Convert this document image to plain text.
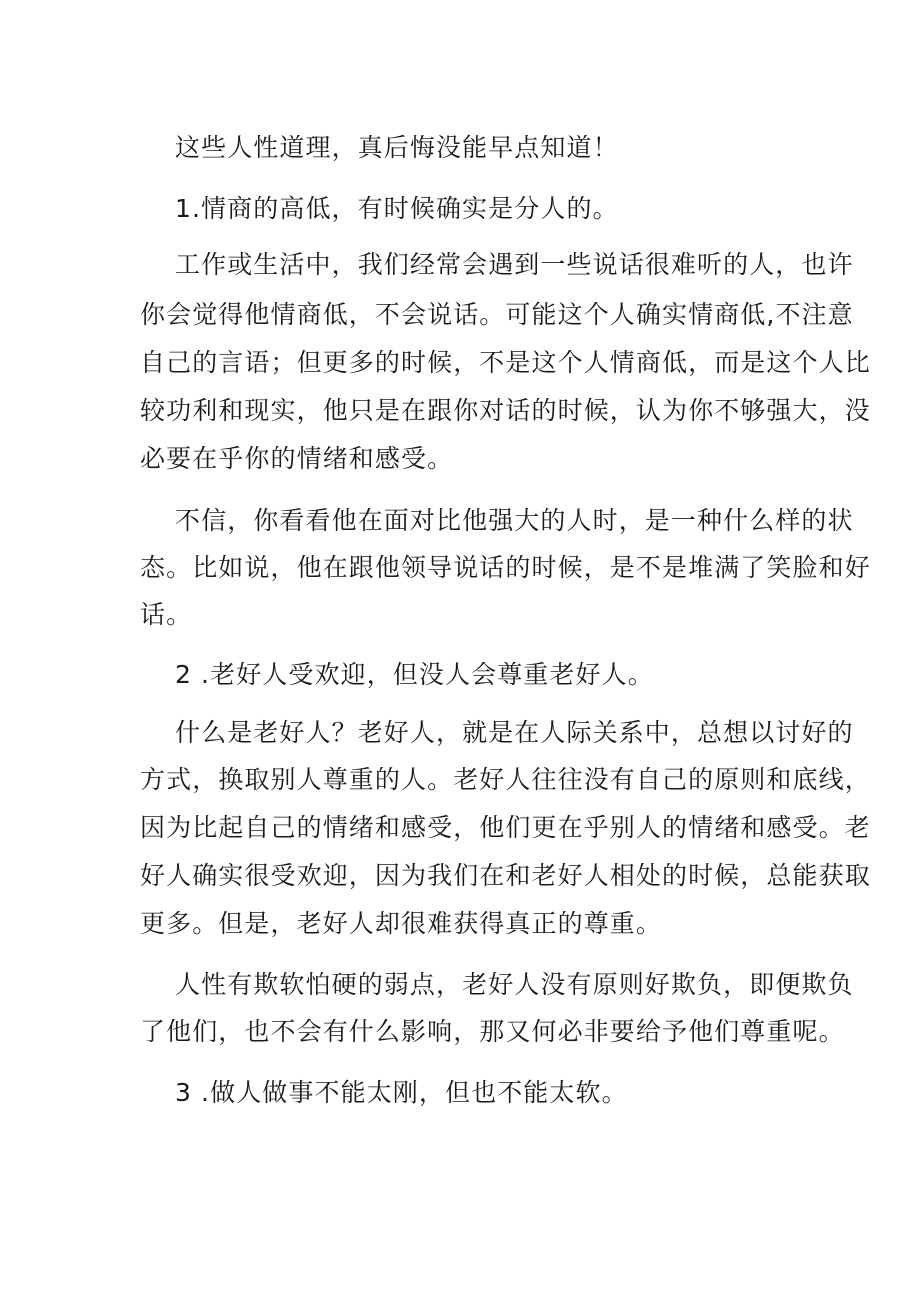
这些人性道理，真后悔没能早点知道！

1.情商的高低，有时候确实是分人的。

工作或生活中，我们经常会遇到一些说话很难听的人，也许

你会觉得他情商低，不会说话。可能这个人确实情商低,不注意

自己的言语；但更多的时候，不是这个人情商低，而是这个人比

较功利和现实，他只是在跟你对话的时候，认为你不够强大，没

必要在乎你的情绪和感受。

不信，你看看他在面对比他强大的人时，是一种什么样的状

态。比如说，他在跟他领导说话的时候，是不是堆满了笑脸和好

话。

2 .老好人受欢迎，但没人会尊重老好人。

什么是老好人？老好人，就是在人际关系中，总想以讨好的

方式，换取别人尊重的人。老好人往往没有自己的原则和底线，

因为比起自己的情绪和感受，他们更在乎别人的情绪和感受。老

好人确实很受欢迎，因为我们在和老好人相处的时候，总能获取

更多。但是，老好人却很难获得真正的尊重。

人性有欺软怕硬的弱点，老好人没有原则好欺负，即便欺负

了他们，也不会有什么影响，那又何必非要给予他们尊重呢。

3 .做人做事不能太刚，但也不能太软。
